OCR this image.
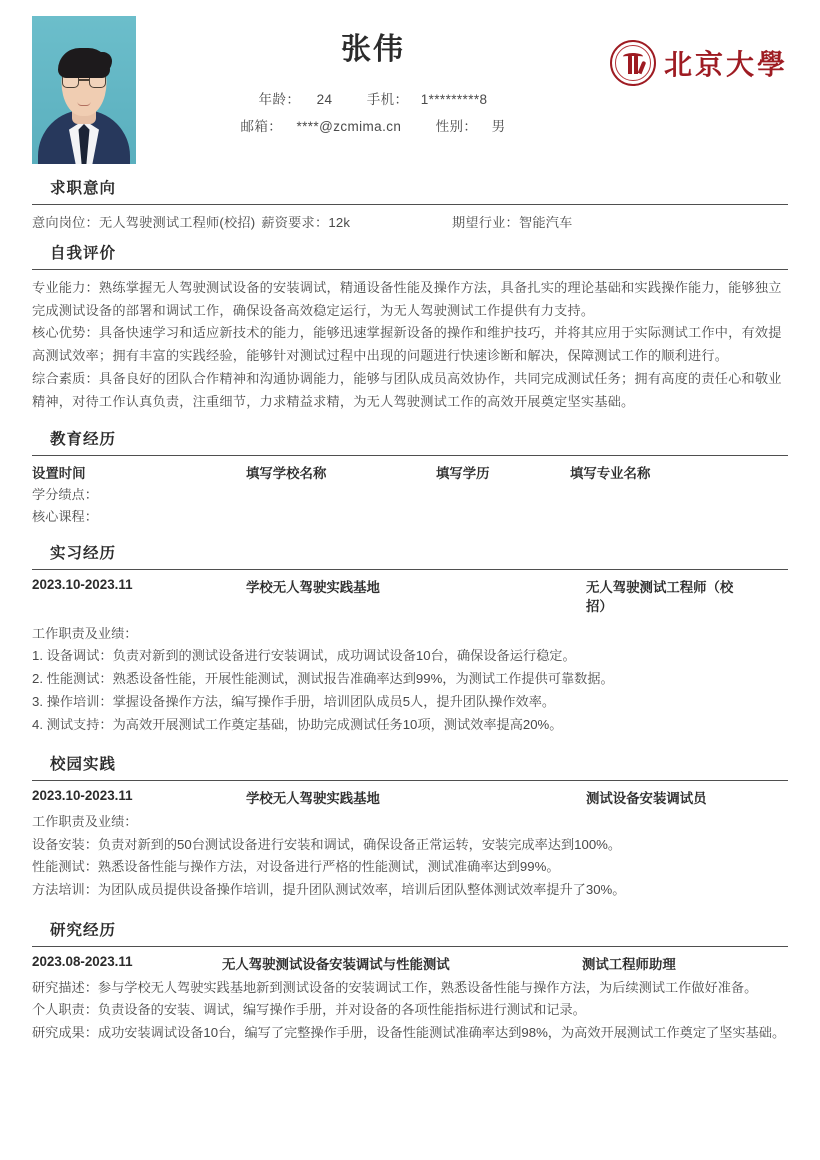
张伟
年龄： 24	手机： 1*********8
邮箱： ****@zcmima.cn	性别： 男
北京大學
求职意向
意向岗位：无人驾驶测试工程师(校招) 薪资要求：12k	期望行业：智能汽车
自我评价

专业能力：熟练掌握无人驾驶测试设备的安装调试，精通设备性能及操作方法，具备扎实的理论基础和实践操作能力，能够独立完成测试设备的部署和调试工作，确保设备高效稳定运行，为无人驾驶测试工作提供有力支持。

核心优势：具备快速学习和适应新技术的能力，能够迅速掌握新设备的操作和维护技巧，并将其应用于实际测试工作中，有效提高测试效率；拥有丰富的实践经验，能够针对测试过程中出现的问题进行快速诊断和解决，保障测试工作的顺利进行。

综合素质：具备良好的团队合作精神和沟通协调能力，能够与团队成员高效协作，共同完成测试任务；拥有高度的责任心和敬业精神，对待工作认真负责，注重细节，力求精益求精，为无人驾驶测试工作的高效开展奠定坚实基础。

教育经历
设置时间	填写学校名称	填写学历	填写专业名称
学分绩点：
核心课程：
实习经历
2023.10-2023.11	学校无人驾驶实践基地	无人驾驶测试工程师（校招）
工作职责及业绩：
1. 设备调试：负责对新到的测试设备进行安装调试，成功调试设备10台，确保设备运行稳定。
2. 性能测试：熟悉设备性能，开展性能测试，测试报告准确率达到99%，为测试工作提供可靠数据。
3. 操作培训：掌握设备操作方法，编写操作手册，培训团队成员5人，提升团队操作效率。
4. 测试支持：为高效开展测试工作奠定基础，协助完成测试任务10项，测试效率提高20%。
校园实践
2023.10-2023.11	学校无人驾驶实践基地	测试设备安装调试员
工作职责及业绩：
设备安装：负责对新到的50台测试设备进行安装和调试，确保设备正常运转，安装完成率达到100%。
性能测试：熟悉设备性能与操作方法，对设备进行严格的性能测试，测试准确率达到99%。
方法培训：为团队成员提供设备操作培训，提升团队测试效率，培训后团队整体测试效率提升了30%。
研究经历
2023.08-2023.11	无人驾驶测试设备安装调试与性能测试	测试工程师助理
研究描述：参与学校无人驾驶实践基地新到测试设备的安装调试工作，熟悉设备性能与操作方法，为后续测试工作做好准备。
个人职责：负责设备的安装、调试，编写操作手册，并对设备的各项性能指标进行测试和记录。
研究成果：成功安装调试设备10台，编写了完整操作手册，设备性能测试准确率达到98%，为高效开展测试工作奠定了坚实基础。
